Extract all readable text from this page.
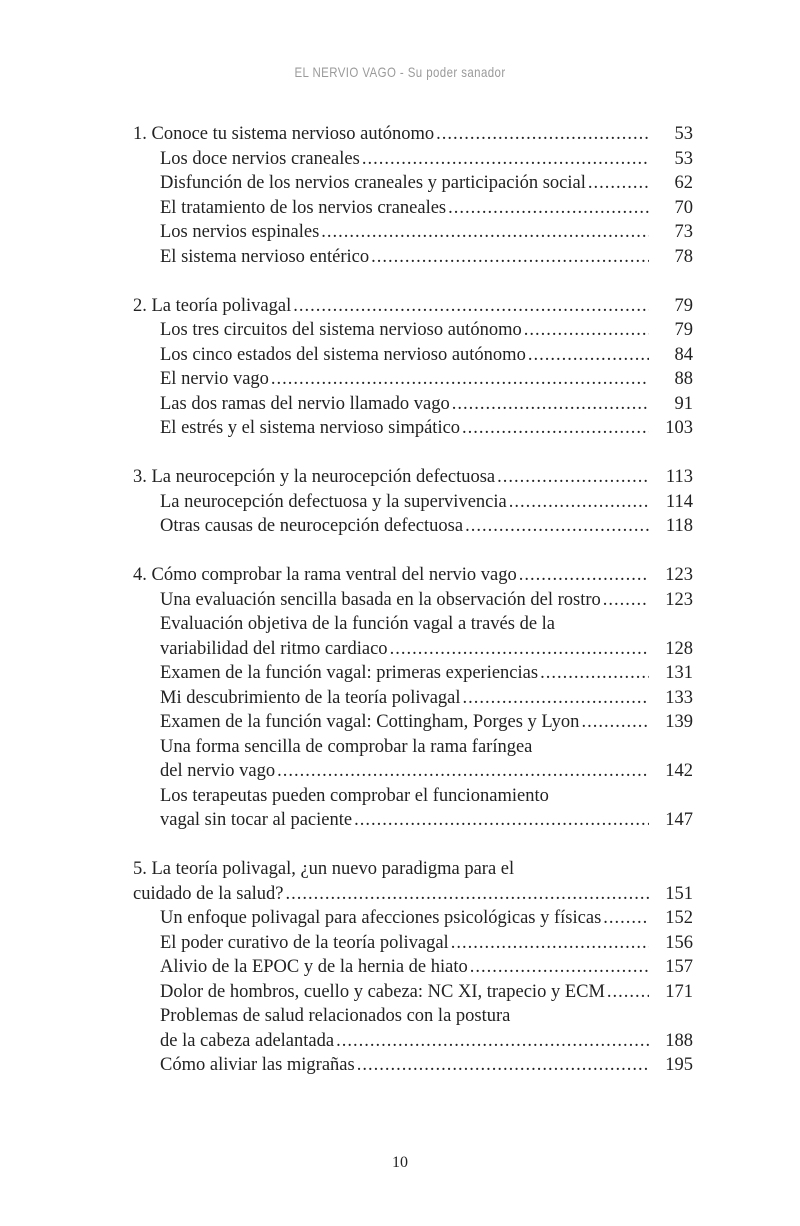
EL NERVIO VAGO - Su poder sanador
1. Conoce tu sistema nervioso autónomo .....	53
Los doce nervios craneales .....	53
Disfunción de los nervios craneales y participación social .....	62
El tratamiento de los nervios craneales .....	70
Los nervios espinales .....	73
El sistema nervioso entérico .....	78
2. La teoría polivagal .....	79
Los tres circuitos del sistema nervioso autónomo .....	79
Los cinco estados del sistema nervioso autónomo .....	84
El nervio vago .....	88
Las dos ramas del nervio llamado vago .....	91
El estrés y el sistema nervioso simpático .....	103
3. La neurocepción y la neurocepción defectuosa .....	113
La neurocepción defectuosa y la supervivencia .....	114
Otras causas de neurocepción defectuosa .....	118
4. Cómo comprobar la rama ventral del nervio vago .....	123
Una evaluación sencilla basada en la observación del rostro .....	123
Evaluación objetiva de la función vagal a través de la
variabilidad del ritmo cardiaco .....	128
Examen de la función vagal: primeras experiencias .....	131
Mi descubrimiento de la teoría polivagal .....	133
Examen de la función vagal: Cottingham, Porges y Lyon .....	139
Una forma sencilla de comprobar la rama faríngea
del nervio vago .....	142
Los terapeutas pueden comprobar el funcionamiento
vagal sin tocar al paciente .....	147
5. La teoría polivagal, ¿un nuevo paradigma para el
cuidado de la salud? .....	151
Un enfoque polivagal para afecciones psicológicas y físicas .....	152
El poder curativo de la teoría polivagal .....	156
Alivio de la EPOC y de la hernia de hiato .....	157
Dolor de hombros, cuello y cabeza: NC XI, trapecio y ECM .....	171
Problemas de salud relacionados con la postura
de la cabeza adelantada .....	188
Cómo aliviar las migrañas .....	195
10
